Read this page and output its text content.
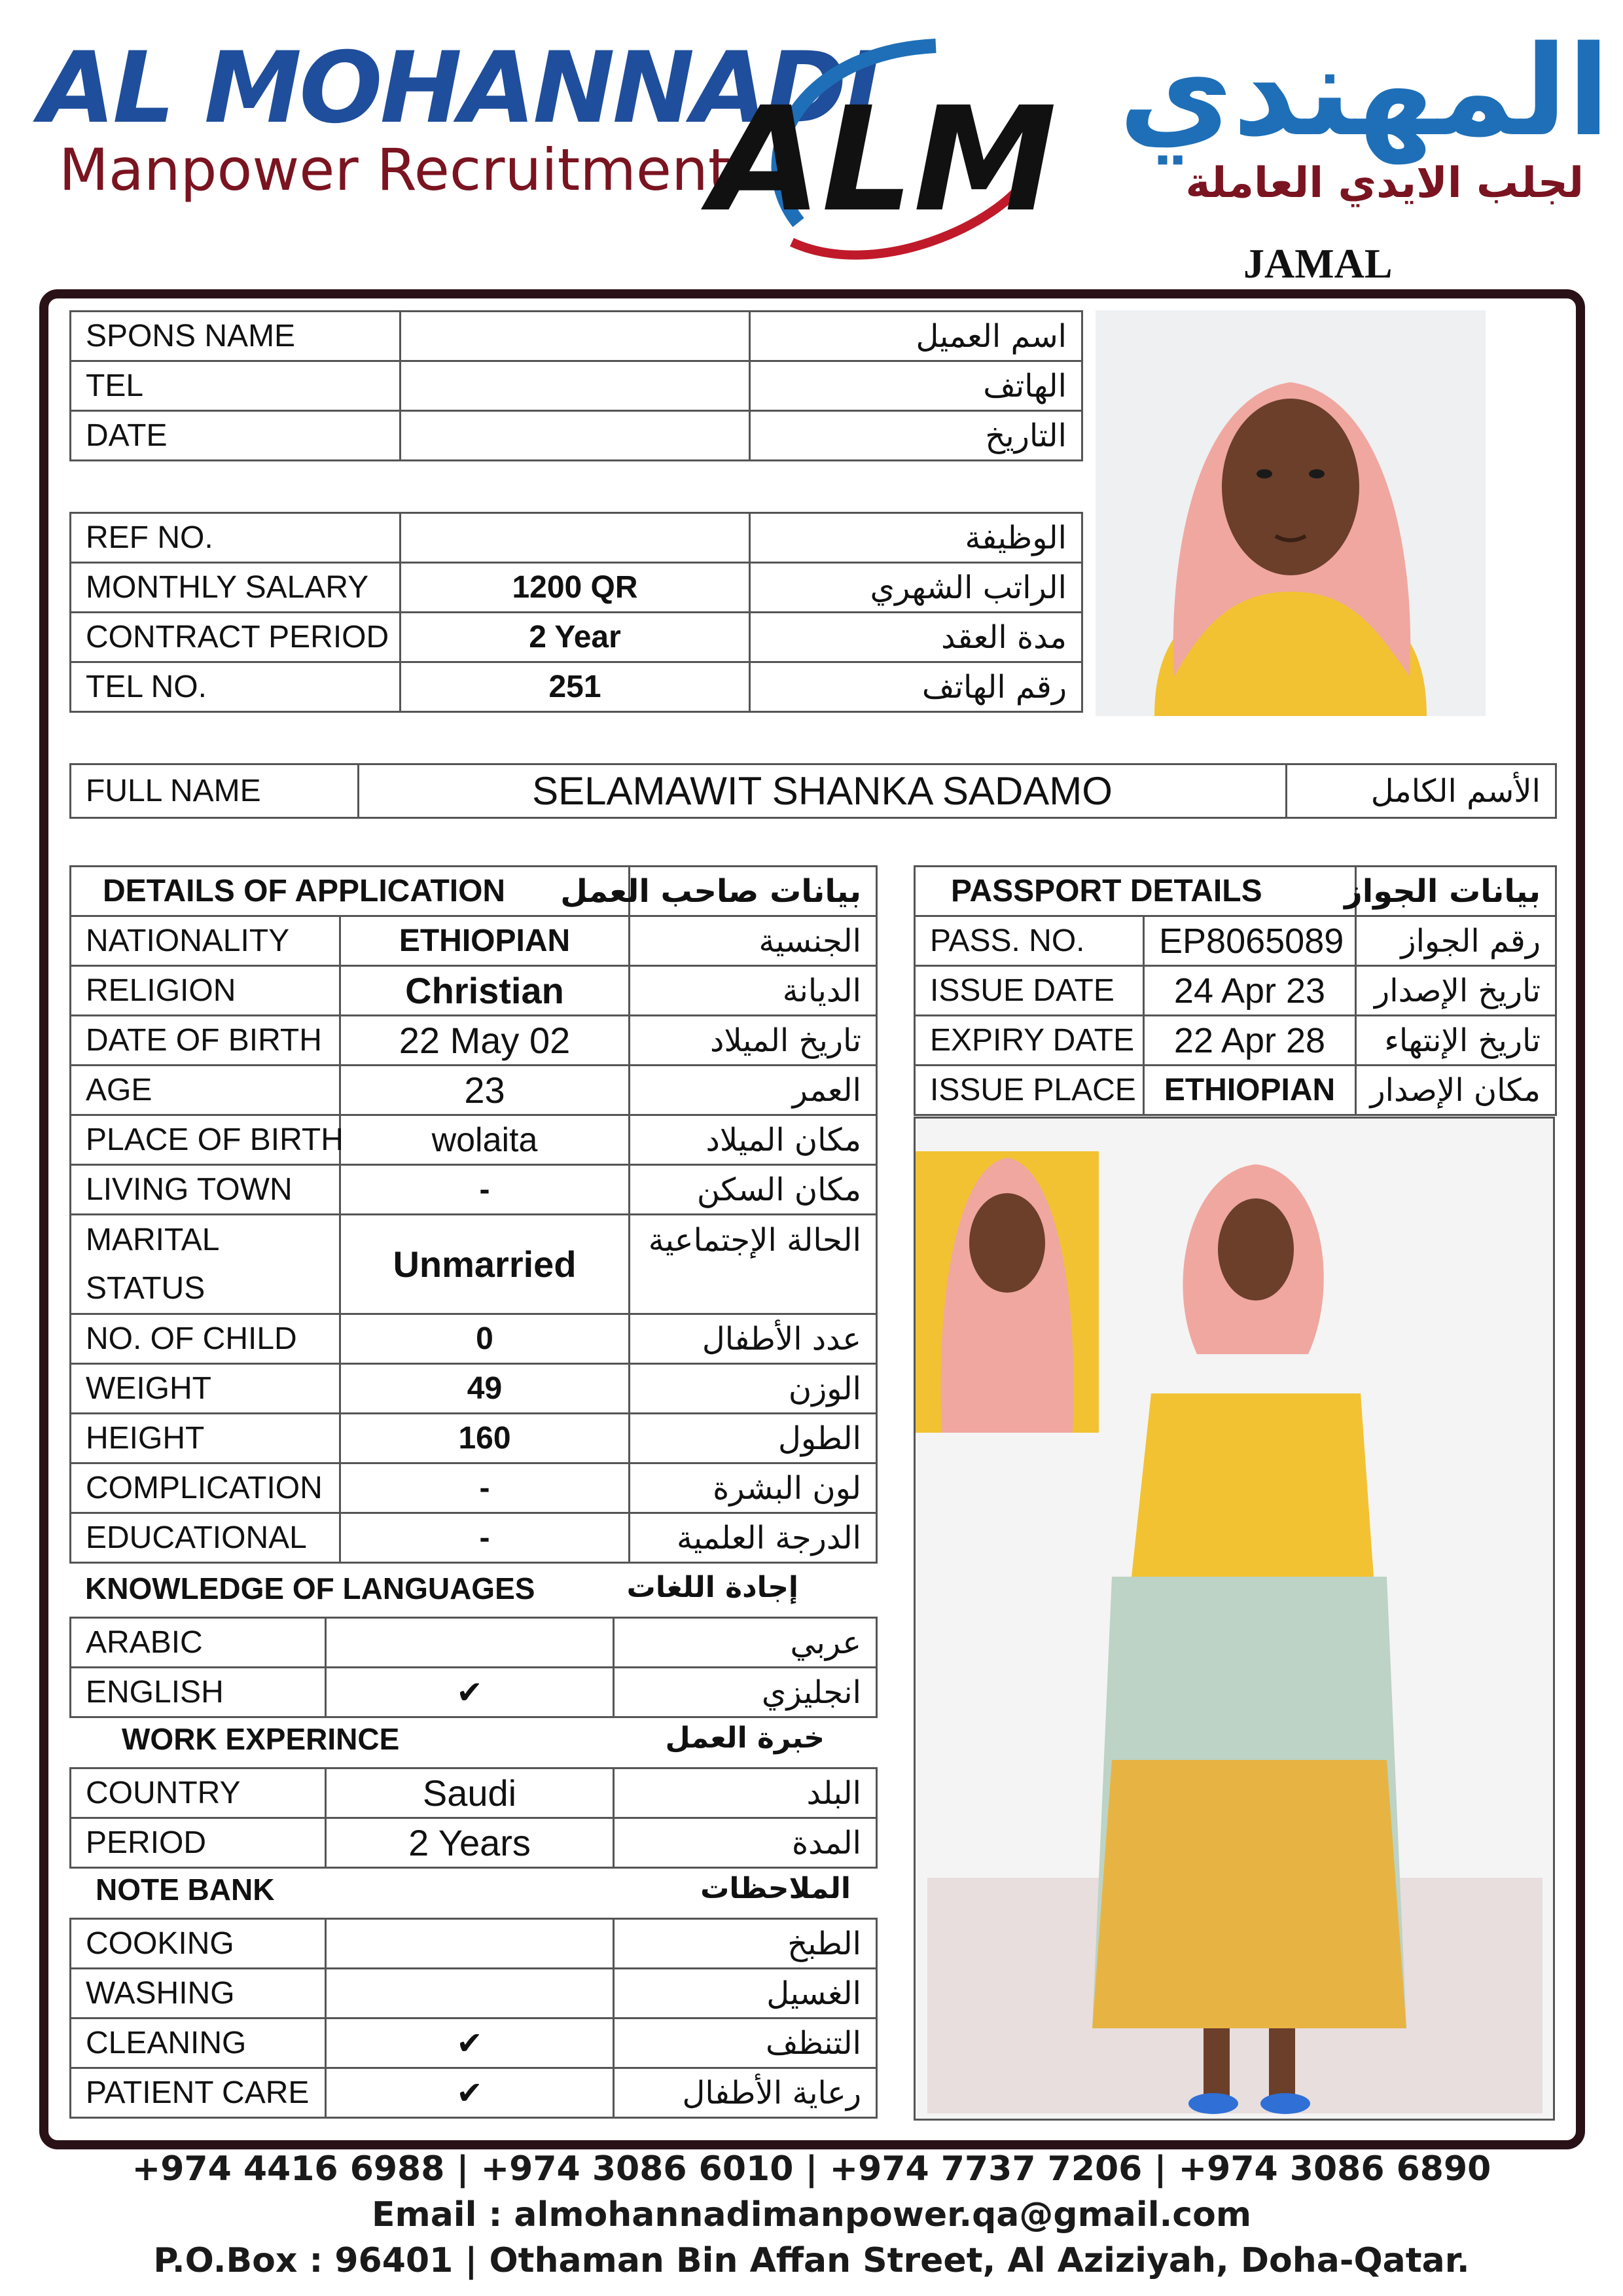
AL MOHANNADI
Manpower Recruitment
ALM المهندي
لجلب الايدي العاملة
JAMAL
SPONS NAME		اسم العميل
TEL		الهاتف
DATE		التاريخ
REF NO.		الوظيفة
MONTHLY SALARY	1200 QR	الراتب الشهري
CONTRACT PERIOD	2 Year	مدة العقد
TEL NO.	251	رقم الهاتف
FULL NAME	SELAMAWIT SHANKA SADAMO	الأسم الكامل
DETAILS OF APPLICATION		بيانات صاحب العمل
NATIONALITY	ETHIOPIAN	الجنسية
RELIGION	Christian	الديانة
DATE OF BIRTH	22 May 02	تاريخ الميلاد
AGE	23	العمر
PLACE OF BIRTH	wolaita	مكان الميلاد
LIVING TOWN	-	مكان السكن
MARITAL
STATUS	Unmarried	الحالة الإجتماعية
NO. OF CHILD	0	عدد الأطفال
WEIGHT	49	الوزن
HEIGHT	160	الطول
COMPLICATION	-	لون البشرة
EDUCATIONAL	-	الدرجة العلمية
KNOWLEDGE OF LANGUAGES	إجادة اللغات
ARABIC		عربي
ENGLISH	✔	انجليزي
WORK EXPERINCE	خبرة العمل
COUNTRY	Saudi	البلد
PERIOD	2 Years	المدة
NOTE BANK	الملاحظات
COOKING		الطبخ
WASHING		الغسيل
CLEANING	✔	التنظف
PATIENT CARE	✔	رعاية الأطفال
PASSPORT DETAILS		بيانات الجواز
PASS. NO.	EP8065089	رقم الجواز
ISSUE DATE	24 Apr 23	تاريخ الإصدار
EXPIRY DATE	22 Apr 28	تاريخ الإنتهاء
ISSUE PLACE	ETHIOPIAN	مكان الإصدار
+974 4416 6988 | +974 3086 6010 | +974 7737 7206 | +974 3086 6890
Email : almohannadimanpower.qa@gmail.com
P.O.Box : 96401 | Othaman Bin Affan Street, Al Aziziyah, Doha-Qatar.
